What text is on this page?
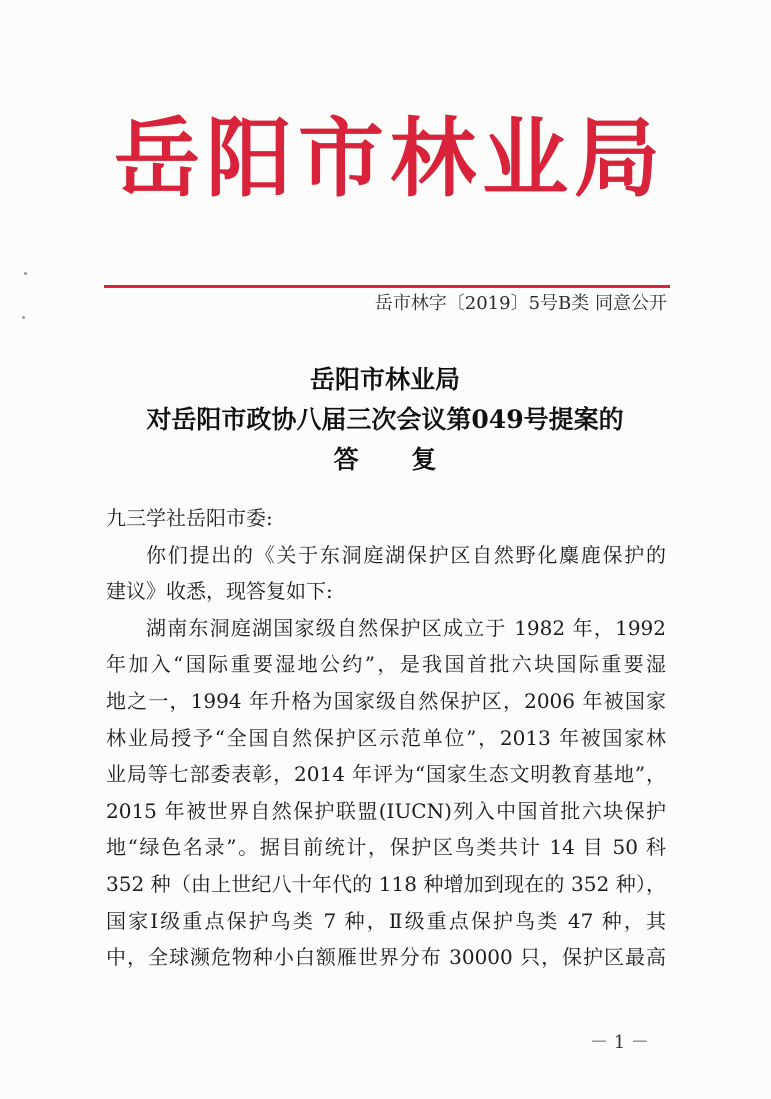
岳阳市林业局
岳市林字〔2019〕5号B类 同意公开
岳阳市林业局
对岳阳市政协八届三次会议第049号提案的
答 复

九三学社岳阳市委:

你们提出的《关于东洞庭湖保护区自然野化麋鹿保护的
建议》收悉，现答复如下:
湖南东洞庭湖国家级自然保护区成立于 1982 年，1992
年加入“国际重要湿地公约”，是我国首批六块国际重要湿
地之一，1994 年升格为国家级自然保护区，2006 年被国家
林业局授予“全国自然保护区示范单位”，2013 年被国家林
业局等七部委表彰，2014 年评为“国家生态文明教育基地”，
2015 年被世界自然保护联盟(IUCN)列入中国首批六块保护
地“绿色名录”。据目前统计，保护区鸟类共计 14 目 50 科
352 种（由上世纪八十年代的 118 种增加到现在的 352 种），
国家Ⅰ级重点保护鸟类 7 种，Ⅱ级重点保护鸟类 47 种，其
中，全球濒危物种小白额雁世界分布 30000 只，保护区最高
－ 1 －
